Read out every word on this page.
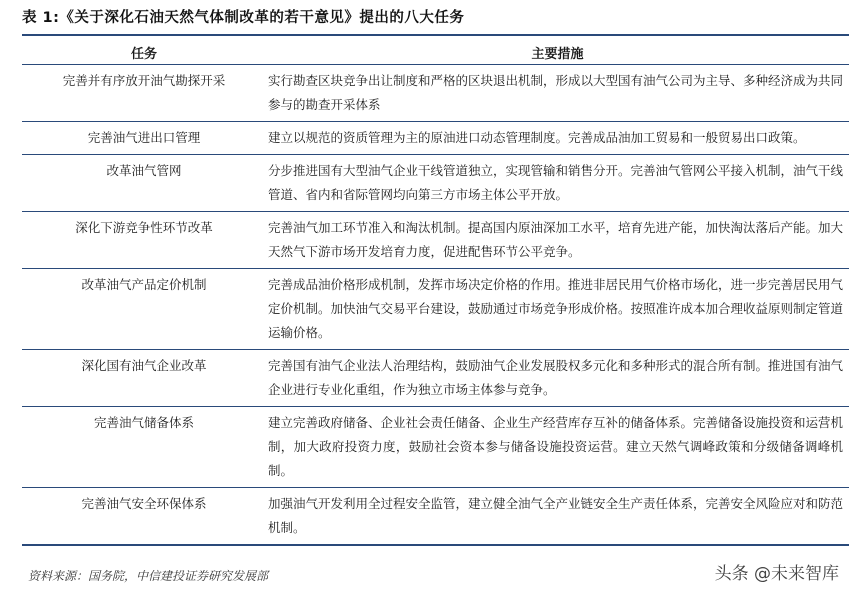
表 1:《关于深化石油天然气体制改革的若干意见》提出的八大任务
任务	主要措施
完善并有序放开油气勘探开采	实行勘查区块竞争出让制度和严格的区块退出机制，形成以大型国有油气公司为主导、多种经济成为共同参与的勘查开采体系
完善油气进出口管理	建立以规范的资质管理为主的原油进口动态管理制度。完善成品油加工贸易和一般贸易出口政策。
改革油气管网	分步推进国有大型油气企业干线管道独立，实现管输和销售分开。完善油气管网公平接入机制，油气干线管道、省内和省际管网均向第三方市场主体公平开放。
深化下游竞争性环节改革	完善油气加工环节准入和淘汰机制。提高国内原油深加工水平，培育先进产能，加快淘汰落后产能。加大天然气下游市场开发培育力度，促进配售环节公平竞争。
改革油气产品定价机制	完善成品油价格形成机制，发挥市场决定价格的作用。推进非居民用气价格市场化，进一步完善居民用气定价机制。加快油气交易平台建设，鼓励通过市场竞争形成价格。按照准许成本加合理收益原则制定管道运输价格。
深化国有油气企业改革	完善国有油气企业法人治理结构，鼓励油气企业发展股权多元化和多种形式的混合所有制。推进国有油气企业进行专业化重组，作为独立市场主体参与竞争。
完善油气储备体系	建立完善政府储备、企业社会责任储备、企业生产经营库存互补的储备体系。完善储备设施投资和运营机制，加大政府投资力度，鼓励社会资本参与储备设施投资运营。建立天然气调峰政策和分级储备调峰机制。
完善油气安全环保体系	加强油气开发利用全过程安全监管，建立健全油气全产业链安全生产责任体系，完善安全风险应对和防范机制。
资料来源：国务院，中信建投证券研究发展部	头条 @未来智库
